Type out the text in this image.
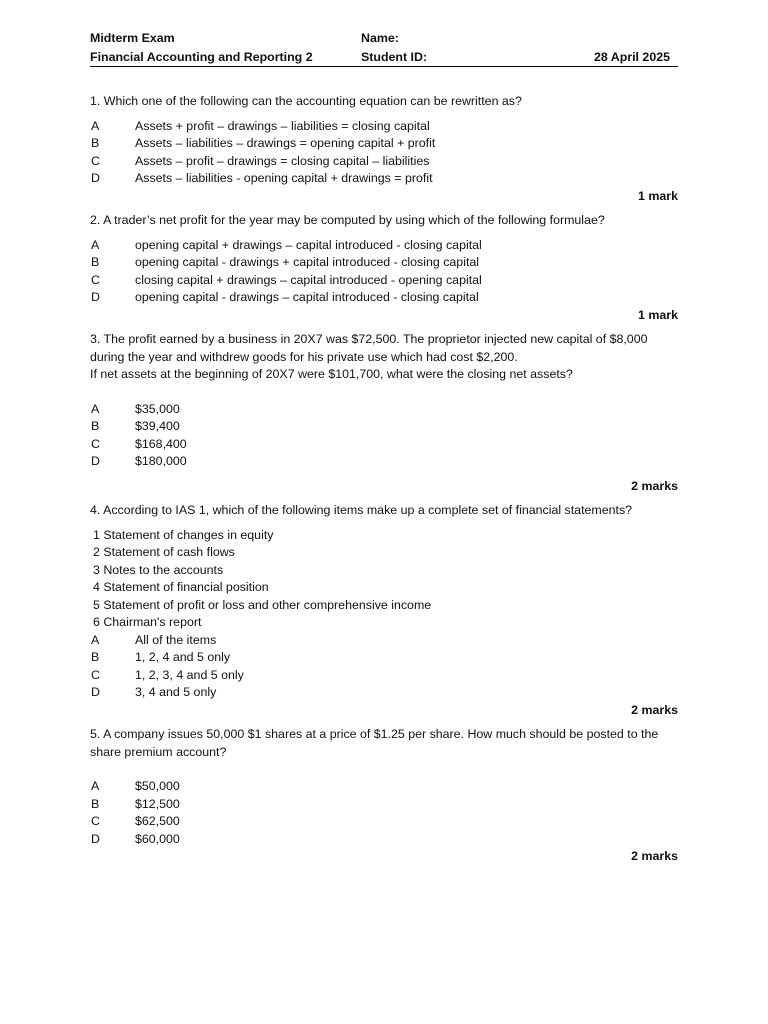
Midterm Exam
Financial Accounting and Reporting 2
Name:
Student ID:	28 April 2025

1. Which one of the following can the accounting equation can be rewritten as?

A	Assets + profit – drawings – liabilities = closing capital
B	Assets – liabilities – drawings = opening capital + profit
C	Assets – profit – drawings = closing capital – liabilities
D	Assets – liabilities - opening capital + drawings = profit

1 mark

2. A trader’s net profit for the year may be computed by using which of the following formulae?

A	opening capital + drawings – capital introduced - closing capital
B	opening capital - drawings + capital introduced - closing capital
C	closing capital + drawings – capital introduced - opening capital
D	opening capital - drawings – capital introduced - closing capital

1 mark

3. The profit earned by a business in 20X7 was $72,500. The proprietor injected new capital of $8,000
during the year and withdrew goods for his private use which had cost $2,200.
If net assets at the beginning of 20X7 were $101,700, what were the closing net assets?
A	$35,000
B	$39,400
C	$168,400
D	$180,000

2 marks

4. According to IAS 1, which of the following items make up a complete set of financial statements?

1 Statement of changes in equity
2 Statement of cash flows
3 Notes to the accounts
4 Statement of financial position
5 Statement of profit or loss and other comprehensive income
6 Chairman's report
A	All of the items
B	1, 2, 4 and 5 only
C	1, 2, 3, 4 and 5 only
D	3, 4 and 5 only

2 marks

5. A company issues 50,000 $1 shares at a price of $1.25 per share. How much should be posted to the
share premium account?
A	$50,000
B	$12,500
C	$62,500
D	$60,000

2 marks
